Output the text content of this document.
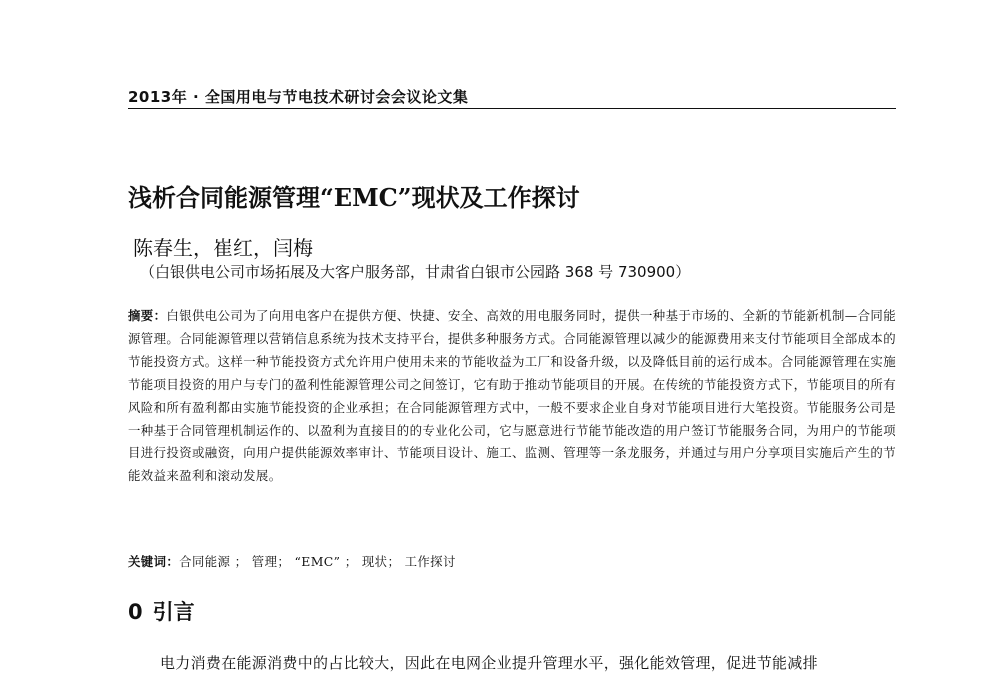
2013年 · 全国用电与节电技术研讨会会议论文集
浅析合同能源管理“EMC”现状及工作探讨
陈春生，崔红，闫梅
（白银供电公司市场拓展及大客户服务部，甘肃省白银市公园路 368 号 730900）
摘要：白银供电公司为了向用电客户在提供方便、快捷、安全、高效的用电服务同时，提供一种基于市场的、全新的节能新机制—合同能源管理。合同能源管理以营销信息系统为技术支持平台，提供多种服务方式。合同能源管理以减少的能源费用来支付节能项目全部成本的节能投资方式。这样一种节能投资方式允许用户使用未来的节能收益为工厂和设备升级，以及降低目前的运行成本。合同能源管理在实施节能项目投资的用户与专门的盈利性能源管理公司之间签订，它有助于推动节能项目的开展。在传统的节能投资方式下，节能项目的所有风险和所有盈利都由实施节能投资的企业承担；在合同能源管理方式中，一般不要求企业自身对节能项目进行大笔投资。节能服务公司是一种基于合同管理机制运作的、以盈利为直接目的的专业化公司，它与愿意进行节能节能改造的用户签订节能服务合同，为用户的节能项目进行投资或融资，向用户提供能源效率审计、节能项目设计、施工、监测、管理等一条龙服务，并通过与用户分享项目实施后产生的节能效益来盈利和滚动发展。
关键词：合同能源 ； 管理； “EMC” ； 现状； 工作探讨
0 引言
电力消费在能源消费中的占比较大，因此在电网企业提升管理水平，强化能效管理，促进节能减排
